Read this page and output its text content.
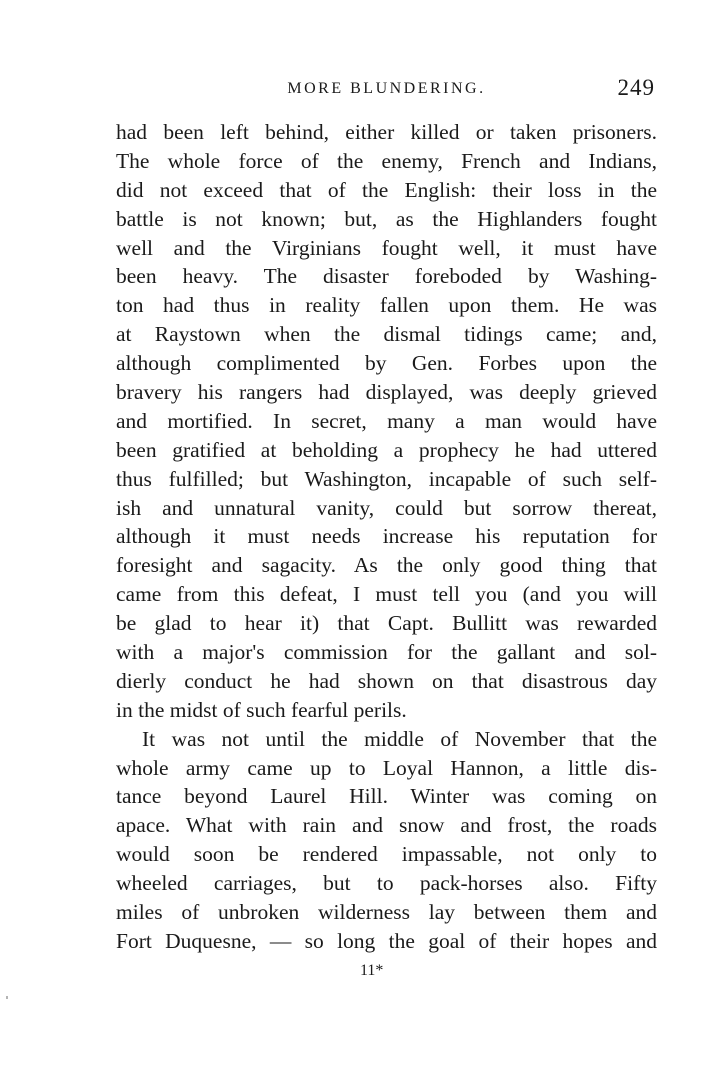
MORE BLUNDERING.	249
had been left behind, either killed or taken prisoners.
The whole force of the enemy, French and Indians,
did not exceed that of the English: their loss in the
battle is not known; but, as the Highlanders fought
well and the Virginians fought well, it must have
been heavy. The disaster foreboded by Washing-
ton had thus in reality fallen upon them. He was
at Raystown when the dismal tidings came; and,
although complimented by Gen. Forbes upon the
bravery his rangers had displayed, was deeply grieved
and mortified. In secret, many a man would have
been gratified at beholding a prophecy he had uttered
thus fulfilled; but Washington, incapable of such self-
ish and unnatural vanity, could but sorrow thereat,
although it must needs increase his reputation for
foresight and sagacity. As the only good thing that
came from this defeat, I must tell you (and you will
be glad to hear it) that Capt. Bullitt was rewarded
with a major's commission for the gallant and sol-
dierly conduct he had shown on that disastrous day
in the midst of such fearful perils.
It was not until the middle of November that the
whole army came up to Loyal Hannon, a little dis-
tance beyond Laurel Hill. Winter was coming on
apace. What with rain and snow and frost, the roads
would soon be rendered impassable, not only to
wheeled carriages, but to pack-horses also. Fifty
miles of unbroken wilderness lay between them and
Fort Duquesne, — so long the goal of their hopes and
11*
